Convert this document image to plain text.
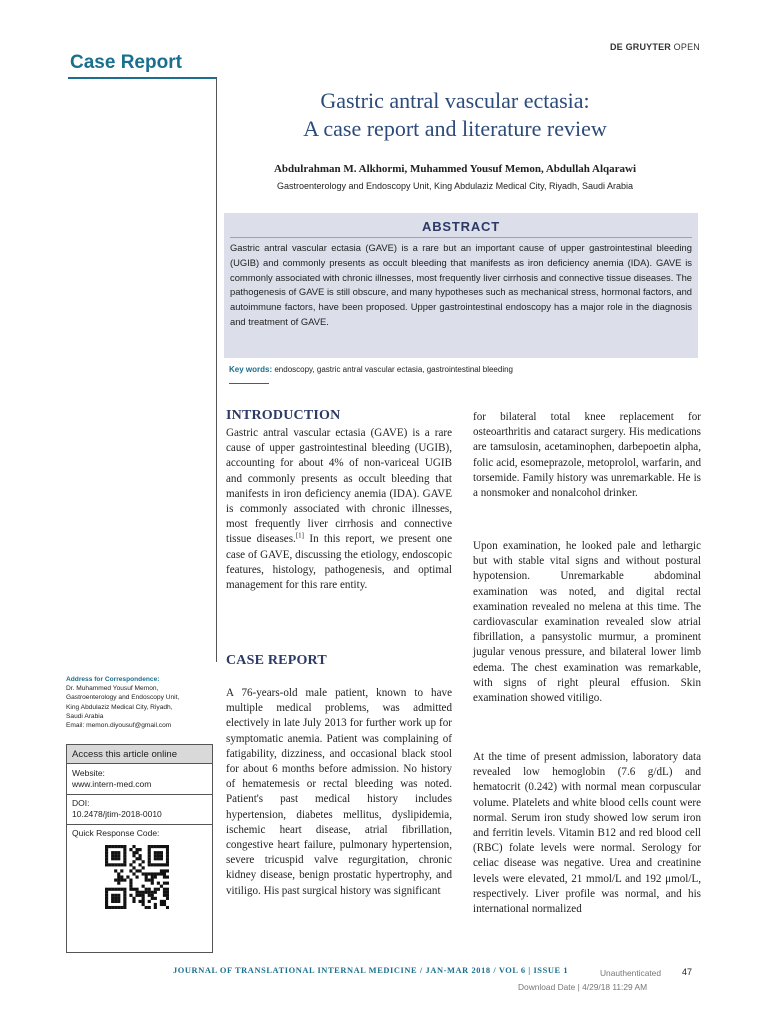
DE GRUYTER OPEN
Case Report
Gastric antral vascular ectasia:
A case report and literature review
Abdulrahman M. Alkhormi, Muhammed Yousuf Memon, Abdullah Alqarawi
Gastroenterology and Endoscopy Unit, King Abdulaziz Medical City, Riyadh, Saudi Arabia
ABSTRACT
Gastric antral vascular ectasia (GAVE) is a rare but an important cause of upper gastrointestinal bleeding (UGIB) and commonly presents as occult bleeding that manifests as iron deficiency anemia (IDA). GAVE is commonly associated with chronic illnesses, most frequently liver cirrhosis and connective tissue diseases. The pathogenesis of GAVE is still obscure, and many hypotheses such as mechanical stress, hormonal factors, and autoimmune factors, have been proposed. Upper gastrointestinal endoscopy has a major role in the diagnosis and treatment of GAVE.
Key words: endoscopy, gastric antral vascular ectasia, gastrointestinal bleeding
INTRODUCTION
Gastric antral vascular ectasia (GAVE) is a rare cause of upper gastrointestinal bleeding (UGIB), accounting for about 4% of non-variceal UGIB and commonly presents as occult bleeding that manifests in iron deficiency anemia (IDA). GAVE is commonly associated with chronic illnesses, most frequently liver cirrhosis and connective tissue diseases.[1] In this report, we present one case of GAVE, discussing the etiology, endoscopic features, histology, pathogenesis, and optimal management for this rare entity.
CASE REPORT
A 76-years-old male patient, known to have multiple medical problems, was admitted electively in late July 2013 for further work up for symptomatic anemia. Patient was complaining of fatigability, dizziness, and occasional black stool for about 6 months before admission. No history of hematemesis or rectal bleeding was noted. Patient's past medical history includes hypertension, diabetes mellitus, dyslipidemia, ischemic heart disease, atrial fibrillation, congestive heart failure, pulmonary hypertension, severe tricuspid valve regurgitation, chronic kidney disease, benign prostatic hypertrophy, and vitiligo. His past surgical history was significant
for bilateral total knee replacement for osteoarthritis and cataract surgery. His medications are tamsulosin, acetaminophen, darbepoetin alpha, folic acid, esomeprazole, metoprolol, warfarin, and torsemide. Family history was unremarkable. He is a nonsmoker and nonalcohol drinker.
Upon examination, he looked pale and lethargic but with stable vital signs and without postural hypotension. Unremarkable abdominal examination was noted, and digital rectal examination revealed no melena at this time. The cardiovascular examination revealed slow atrial fibrillation, a pansystolic murmur, a prominent jugular venous pressure, and bilateral lower limb edema. The chest examination was remarkable, with signs of right pleural effusion. Skin examination showed vitiligo.
At the time of present admission, laboratory data revealed low hemoglobin (7.6 g/dL) and hematocrit (0.242) with normal mean corpuscular volume. Platelets and white blood cells count were normal. Serum iron study showed low serum iron and ferritin levels. Vitamin B12 and red blood cell (RBC) folate levels were normal. Serology for celiac disease was negative. Urea and creatinine levels were elevated, 21 mmol/L and 192 μmol/L, respectively. Liver profile was normal, and his international normalized
Address for Correspondence:
Dr. Muhammed Yousuf Memon,
Gastroenterology and Endoscopy Unit,
King Abdulaziz Medical City, Riyadh,
Saudi Arabia
Email: memon.diyousuf@gmail.com
Access this article online
Website:
www.intern-med.com
DOI:
10.2478/jtim-2018-0010
Quick Response Code:
JOURNAL OF TRANSLATIONAL INTERNAL MEDICINE / JAN-MAR 2018 / VOL 6 | ISSUE 1	Unauthenticated 47
Download Date | 4/29/18 11:29 AM
